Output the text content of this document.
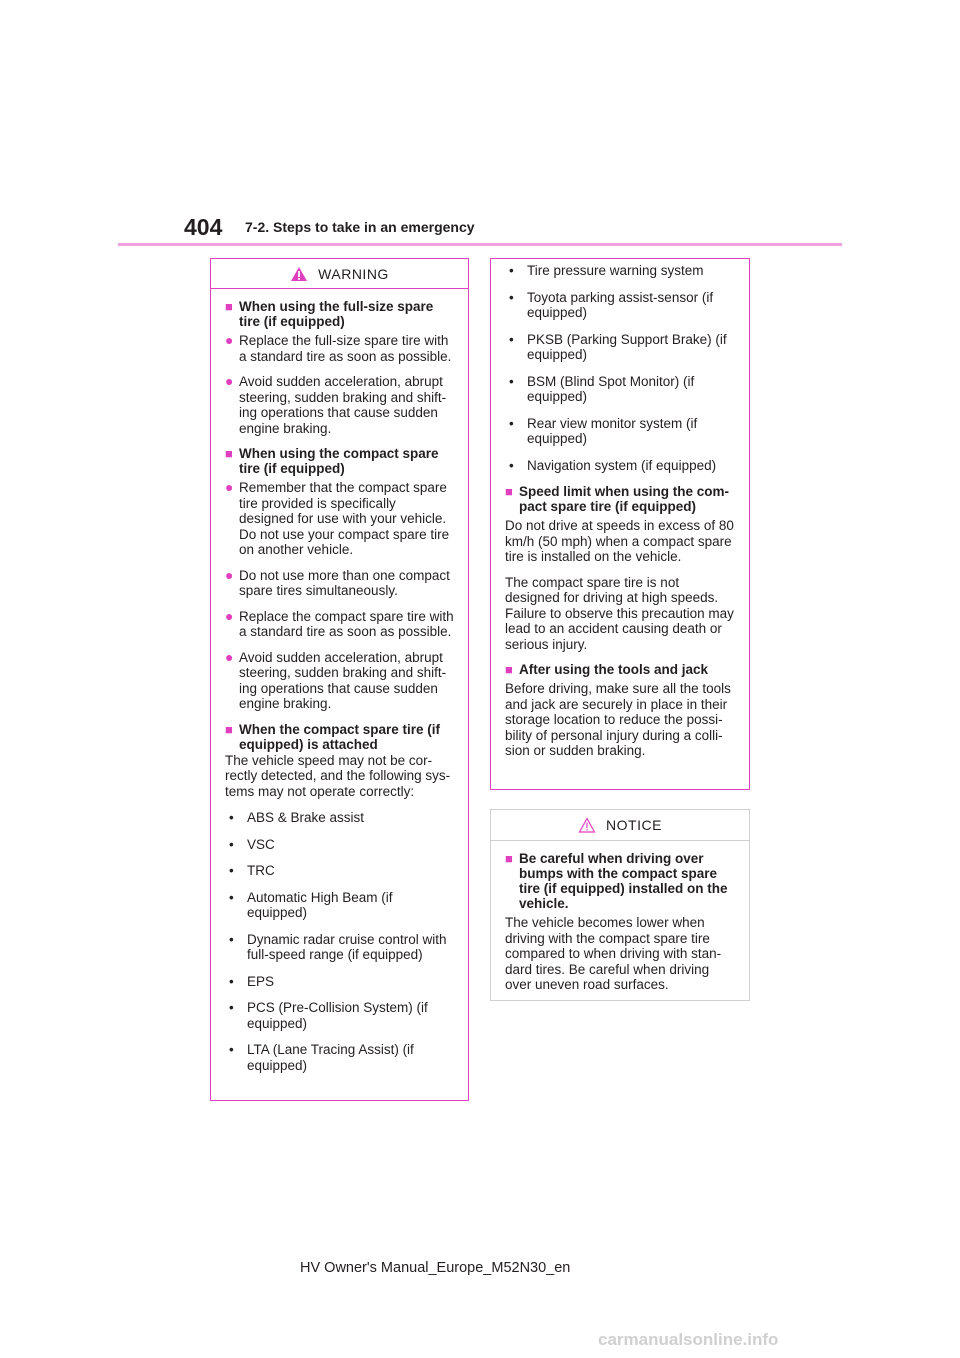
404 7-2. Steps to take in an emergency
WARNING
■ When using the full-size spare tire (if equipped)
● Replace the full-size spare tire with a standard tire as soon as possible.
● Avoid sudden acceleration, abrupt steering, sudden braking and shift-ing operations that cause sudden engine braking.
■ When using the compact spare tire (if equipped)
● Remember that the compact spare tire provided is specifically designed for use with your vehicle. Do not use your compact spare tire on another vehicle.
● Do not use more than one compact spare tires simultaneously.
● Replace the compact spare tire with a standard tire as soon as possible.
● Avoid sudden acceleration, abrupt steering, sudden braking and shift-ing operations that cause sudden engine braking.
■ When the compact spare tire (if equipped) is attached
The vehicle speed may not be cor-rectly detected, and the following sys-tems may not operate correctly:
• ABS & Brake assist
• VSC
• TRC
• Automatic High Beam (if equipped)
• Dynamic radar cruise control with full-speed range (if equipped)
• EPS
• PCS (Pre-Collision System) (if equipped)
• LTA (Lane Tracing Assist) (if equipped)
• Tire pressure warning system
• Toyota parking assist-sensor (if equipped)
• PKSB (Parking Support Brake) (if equipped)
• BSM (Blind Spot Monitor) (if equipped)
• Rear view monitor system (if equipped)
• Navigation system (if equipped)
■ Speed limit when using the com-pact spare tire (if equipped)
Do not drive at speeds in excess of 80 km/h (50 mph) when a compact spare tire is installed on the vehicle.
The compact spare tire is not designed for driving at high speeds. Failure to observe this precaution may lead to an accident causing death or serious injury.
■ After using the tools and jack
Before driving, make sure all the tools and jack are securely in place in their storage location to reduce the possi-bility of personal injury during a colli-sion or sudden braking.
NOTICE
■ Be careful when driving over bumps with the compact spare tire (if equipped) installed on the vehicle.
The vehicle becomes lower when driving with the compact spare tire compared to when driving with stan-dard tires. Be careful when driving over uneven road surfaces.
HV Owner's Manual_Europe_M52N30_en
carmanualsonline.info
